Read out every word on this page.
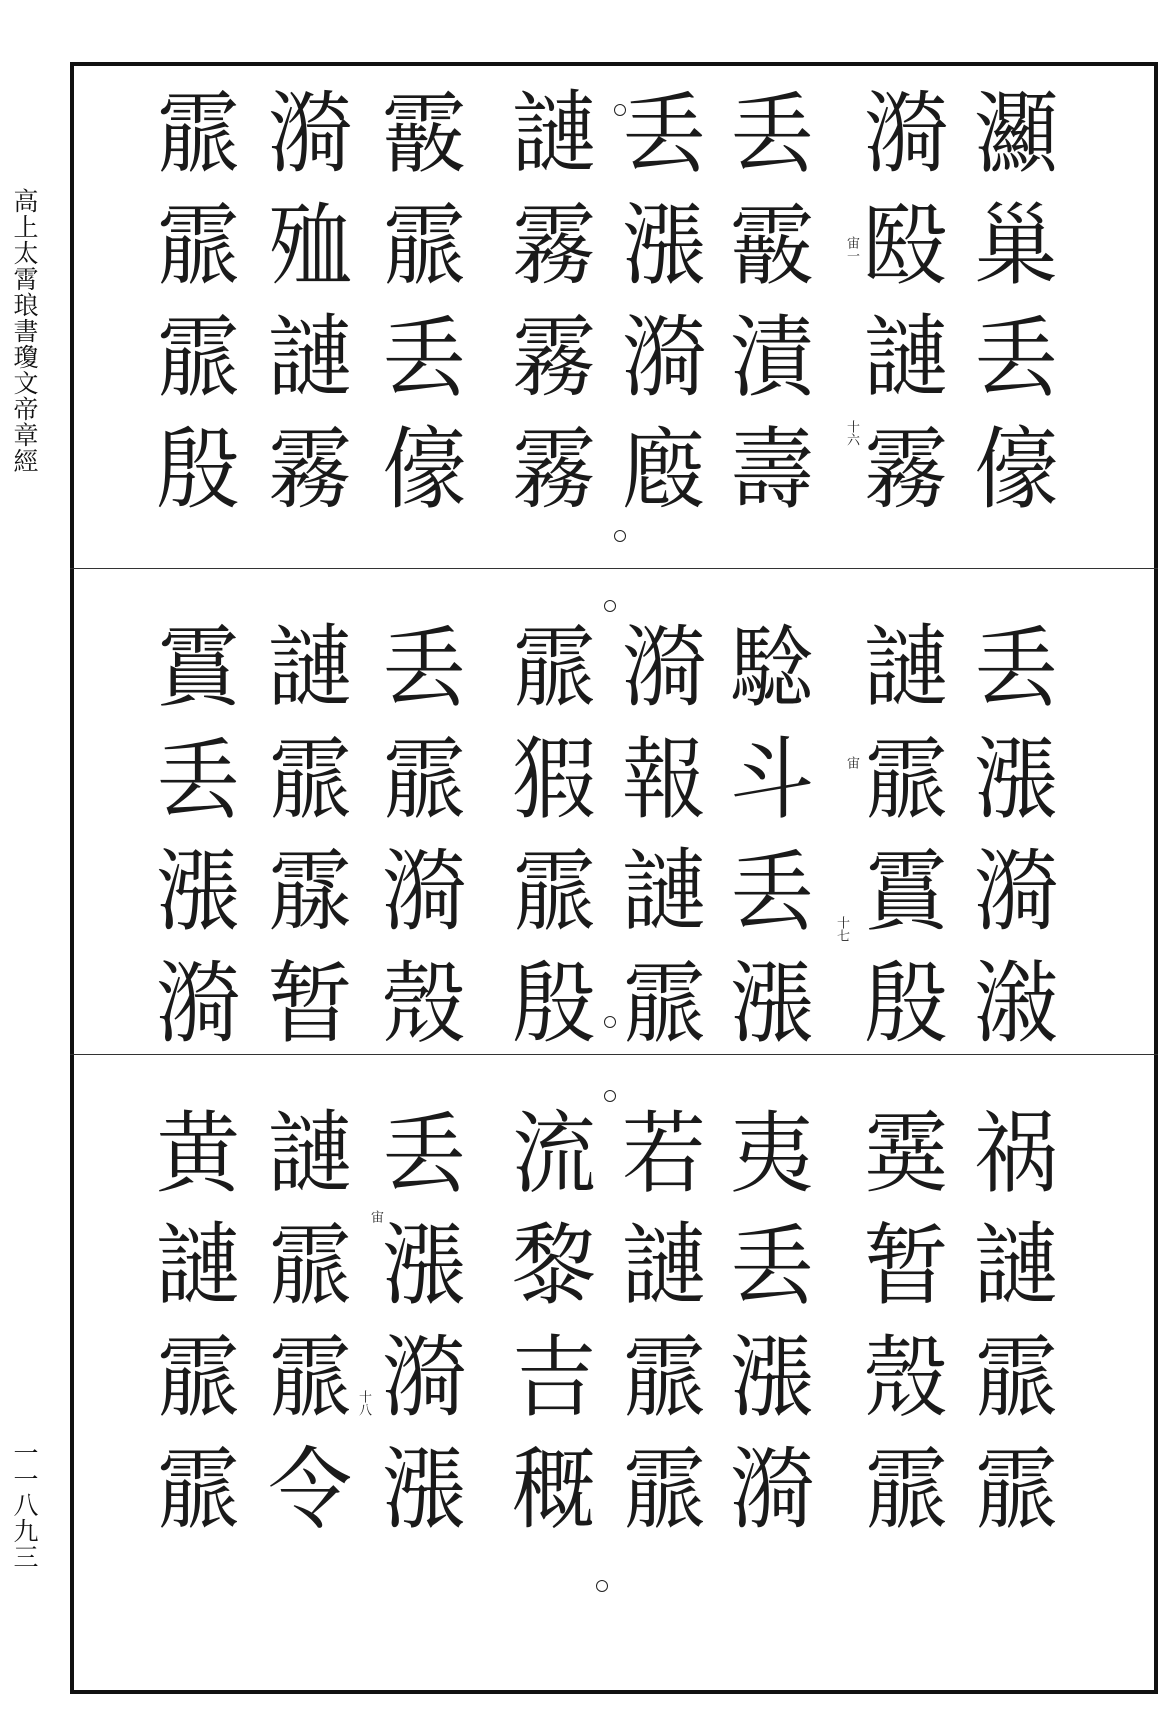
高上太霄琅書瓊文帝章經
一一八九三
灦
巢
丢
儫
漪
殹
謰
霧
丢
霰
漬
壽
丢
漲
漪
廏
謰
霧
霧
霧
霰
霢
丢
儫
漪
殈
謰
霧
霢
霢
霢
殷
宙一
十六
丢
漲
漪
潊
謰
霢
霣
殷
騐
斗
丢
漲
漪
報
謰
霢
霢
猳
霢
殷
丢
霢
漪
殼
謰
霢
霡
暂
霣
丢
漲
漪
宙
十七
祸
謰
霢
霢
霙
暂
殼
霢
夷
丢
漲
漪
若
謰
霢
霢
流
黎
吉
穊
丢
漲
漪
漲
謰
霢
霢
令
黄
謰
霢
霢
宙
十八
